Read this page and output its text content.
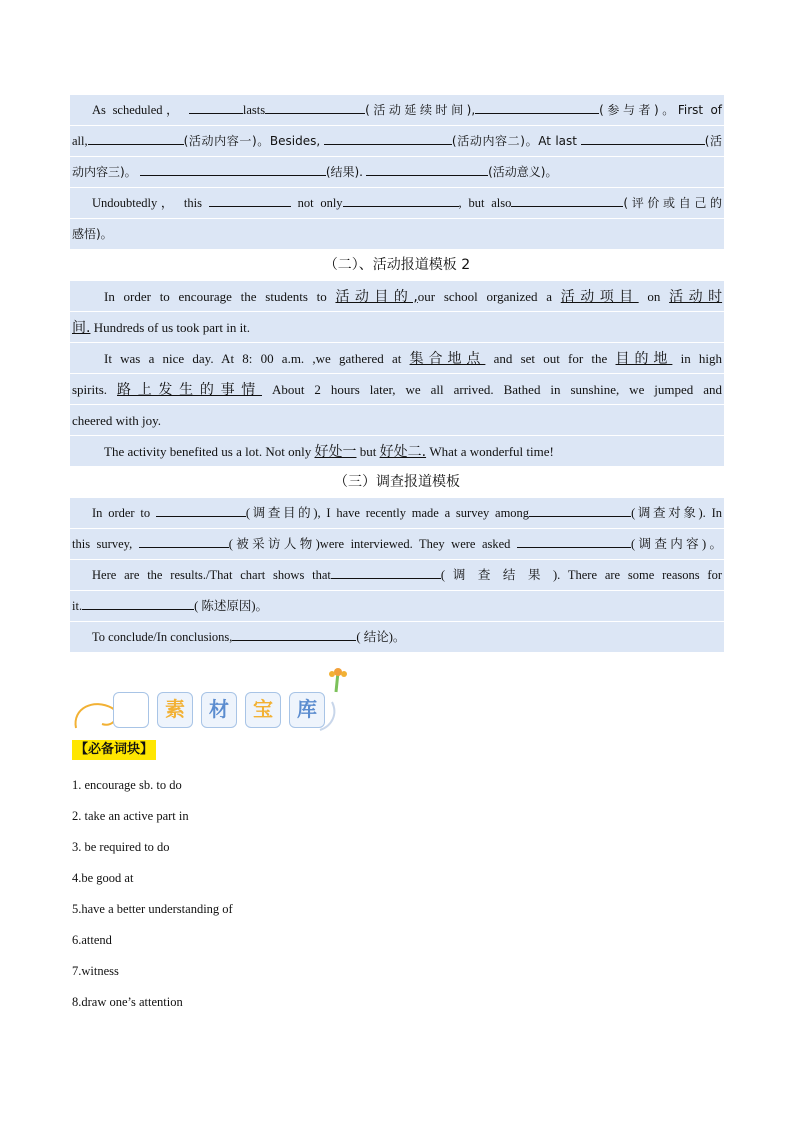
As scheduled，	lasts	(活动延续时间),	(参与者)。First of
all,	(活动内容一)。Besides,	(活动内容二)。At last	(活
动内容三)。	(结果).	(活动意义)。
Undoubtedly， this	not only	, but also	(评价或自己的
感悟)。
（二）、活动报道模板 2
In order to encourage the students to 活动目的,our school organized a 活动项目 on 活动时
间. Hundreds of us took part in it.
It was a nice day. At 8: 00 a.m. ,we gathered at 集合地点 and set out for the 目的地 in high
spirits. 路上发生的事情 About 2 hours later, we all arrived. Bathed in sunshine, we jumped and
cheered with joy.
The activity benefited us a lot. Not only 好处一 but 好处二. What a wonderful time!
（三）调查报道模板
In order to	(调查目的), I have recently made a survey among	(调查对象). In
this survey,	(被采访人物)were interviewed. They were asked	(调查内容)。
Here are the results./That chart shows that	( 调 查 结 果 ). There are some reasons for
it.	( 陈述原因)。
To conclude/In conclusions,	( 结论)。
素	材	宝	库
【必备词块】
1. encourage sb. to do
2. take an active part in
3. be required to do
4.be good at
5.have a better understanding of
6.attend
7.witness
8.draw one’s attention
